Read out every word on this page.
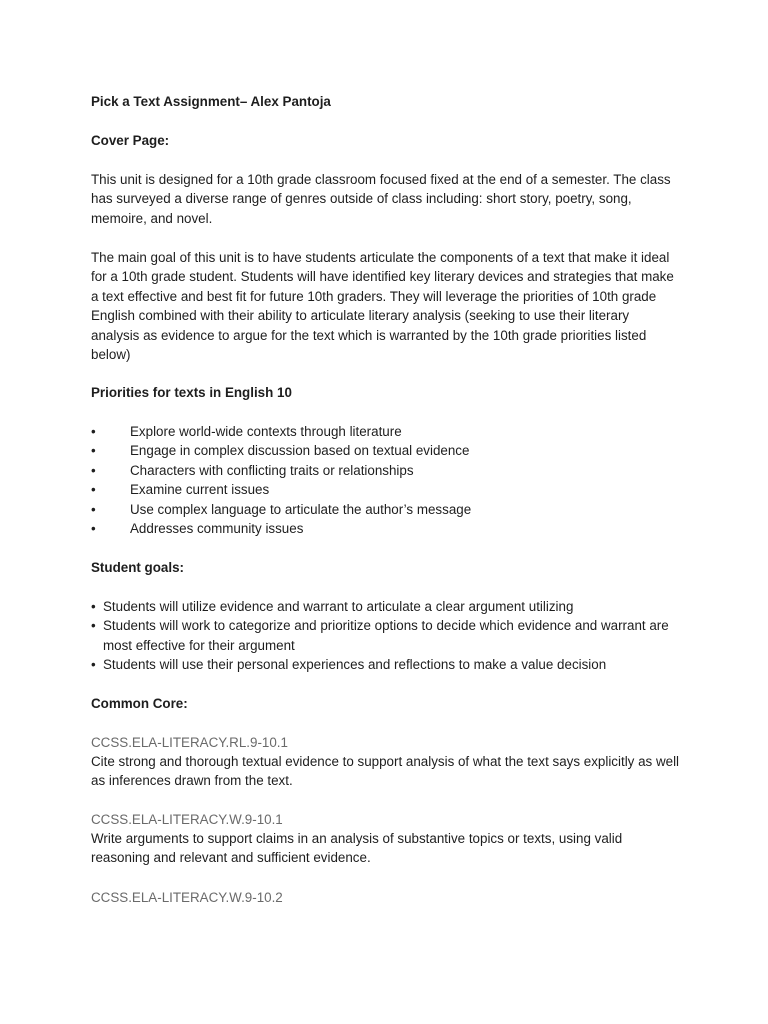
Pick a Text Assignment– Alex Pantoja
Cover Page:
This unit is designed for a 10th grade classroom focused fixed at the end of a semester. The class has surveyed a diverse range of genres outside of class including: short story, poetry, song, memoire, and novel.
The main goal of this unit is to have students articulate the components of a text that make it ideal for a 10th grade student. Students will have identified key literary devices and strategies that make a text effective and best fit for future 10th graders. They will leverage the priorities of 10th grade English combined with their ability to articulate literary analysis (seeking to use their literary analysis as evidence to argue for the text which is warranted by the 10th grade priorities listed below)
Priorities for texts in English 10
• Explore world-wide contexts through literature
• Engage in complex discussion based on textual evidence
• Characters with conflicting traits or relationships
• Examine current issues
• Use complex language to articulate the author’s message
• Addresses community issues
Student goals:
• Students will utilize evidence and warrant to articulate a clear argument utilizing
• Students will work to categorize and prioritize options to decide which evidence and warrant are most effective for their argument
• Students will use their personal experiences and reflections to make a value decision
Common Core:
CCSS.ELA-LITERACY.RL.9-10.1
Cite strong and thorough textual evidence to support analysis of what the text says explicitly as well as inferences drawn from the text.
CCSS.ELA-LITERACY.W.9-10.1
Write arguments to support claims in an analysis of substantive topics or texts, using valid reasoning and relevant and sufficient evidence.
CCSS.ELA-LITERACY.W.9-10.2
